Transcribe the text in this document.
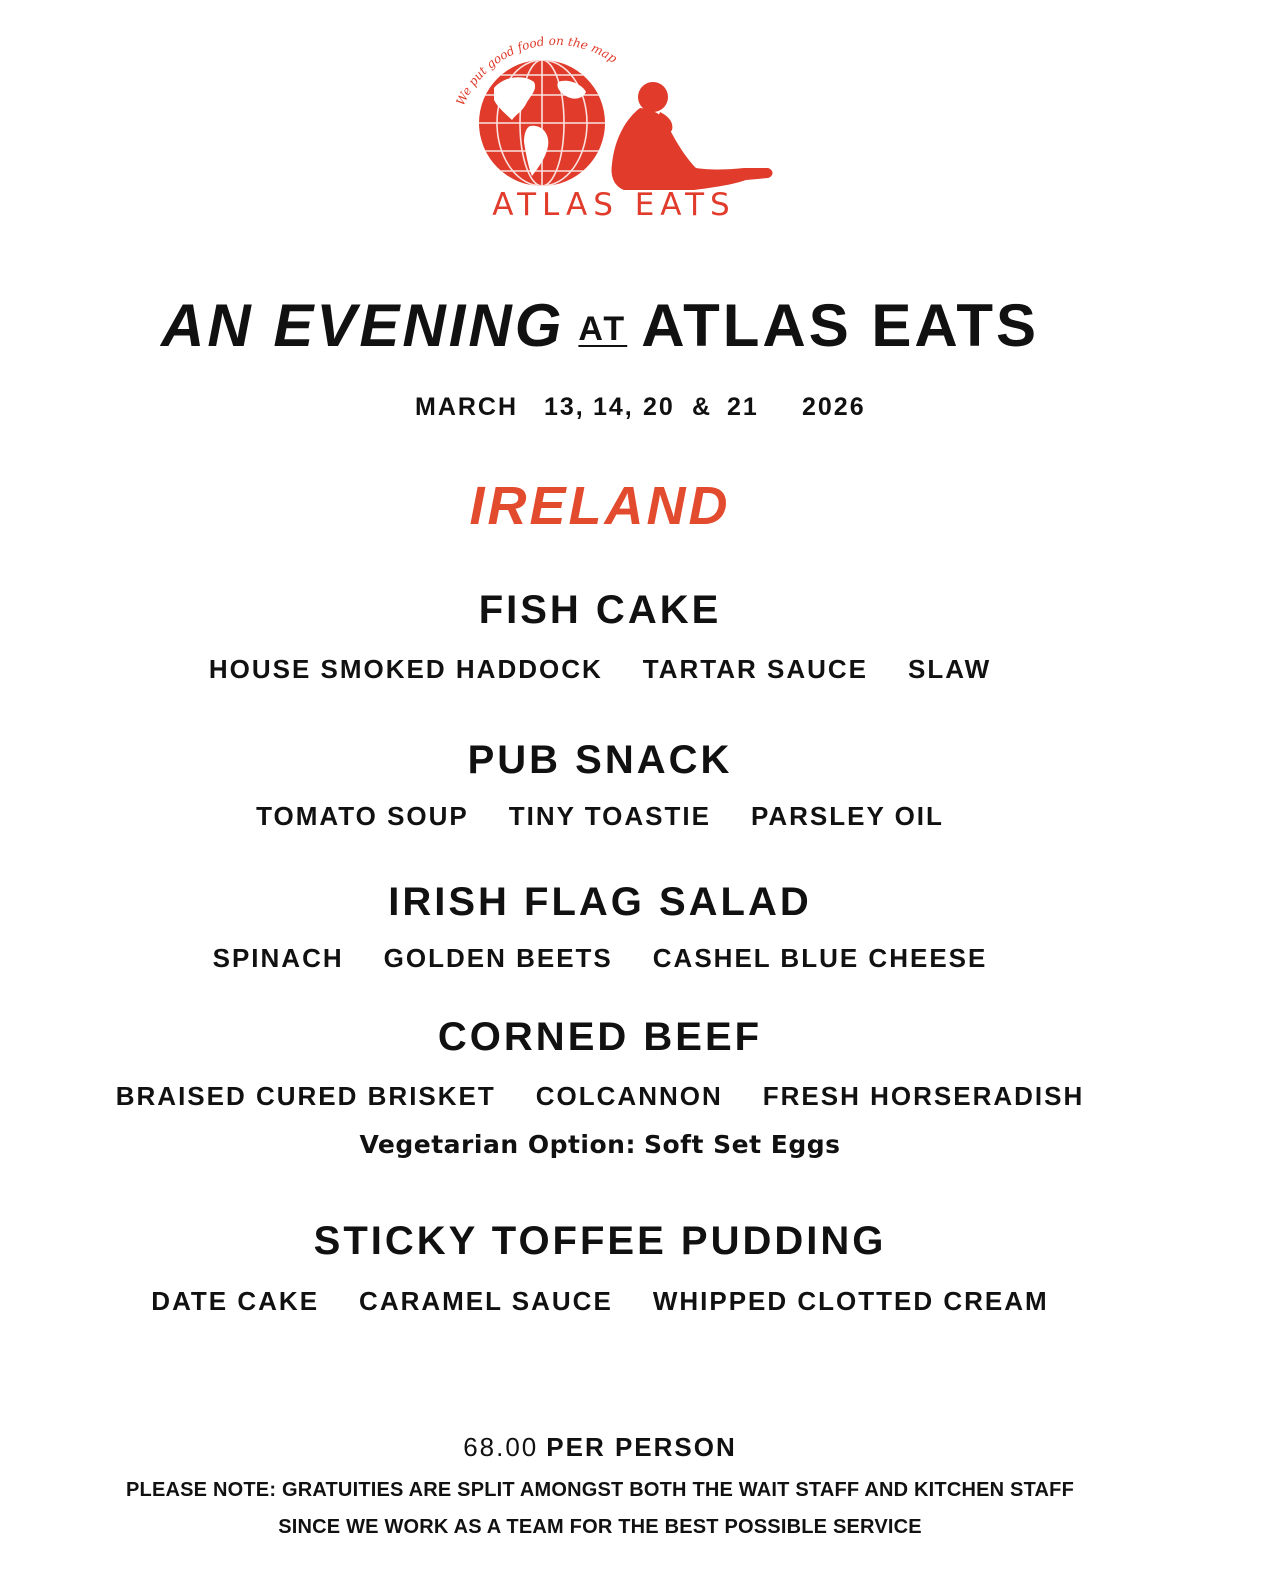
We put good food on the map
ATLAS EATS
AN EVENING AT ATLAS EATS
MARCH 13, 14, 20 & 21 2026
IRELAND
FISH CAKE
HOUSE SMOKED HADDOCK TARTAR SAUCE SLAW
PUB SNACK
TOMATO SOUP TINY TOASTIE PARSLEY OIL
IRISH FLAG SALAD
SPINACH GOLDEN BEETS CASHEL BLUE CHEESE
CORNED BEEF
BRAISED CURED BRISKET COLCANNON FRESH HORSERADISH
Vegetarian Option: Soft Set Eggs
STICKY TOFFEE PUDDING
DATE CAKE CARAMEL SAUCE WHIPPED CLOTTED CREAM
68.00 PER PERSON
PLEASE NOTE: GRATUITIES ARE SPLIT AMONGST BOTH THE WAIT STAFF AND KITCHEN STAFF
SINCE WE WORK AS A TEAM FOR THE BEST POSSIBLE SERVICE
